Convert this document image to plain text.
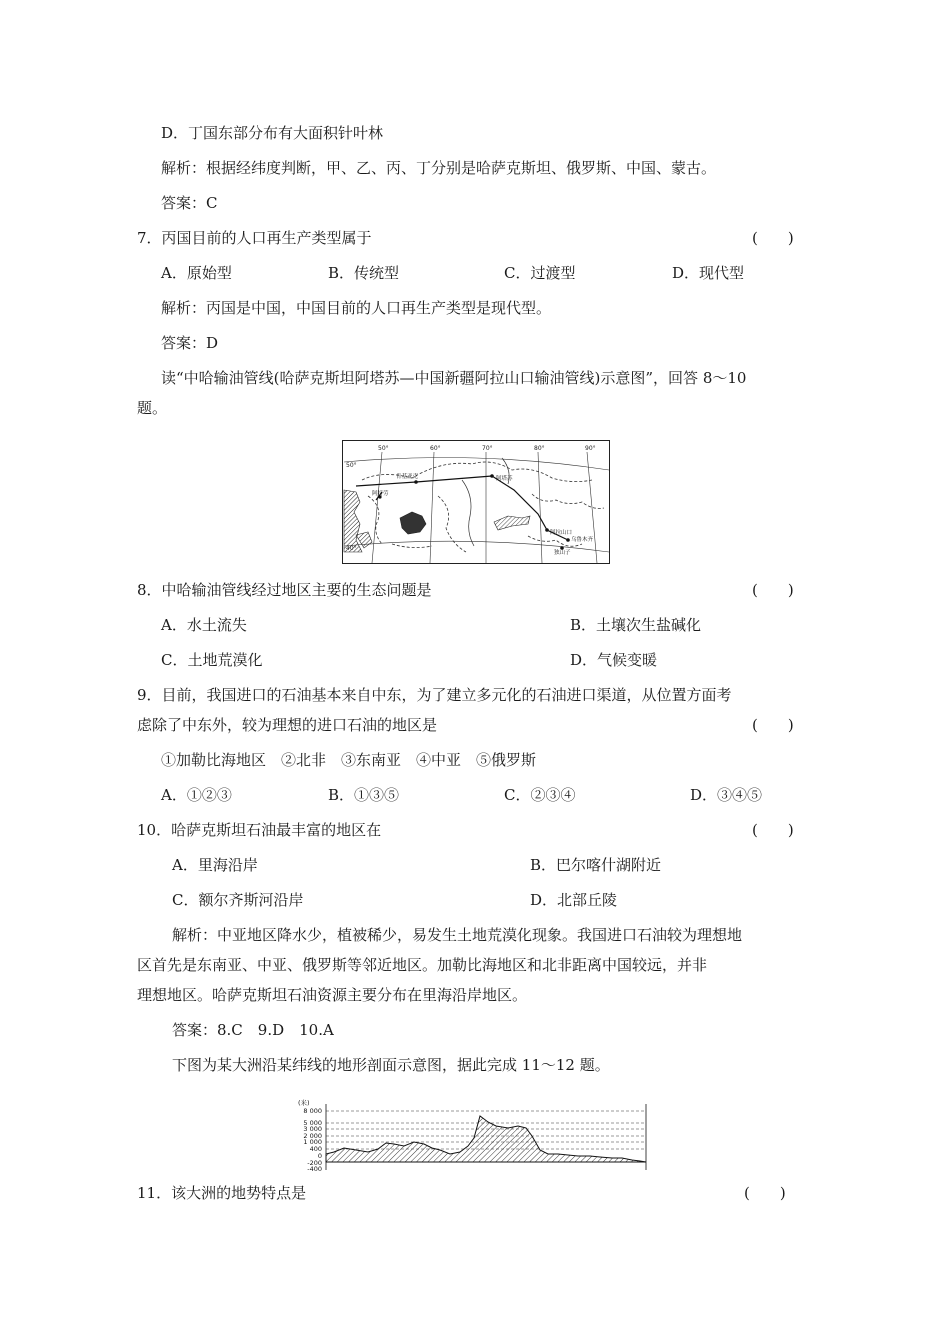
D．丁国东部分布有大面积针叶林
解析：根据经纬度判断，甲、乙、丙、丁分别是哈萨克斯坦、俄罗斯、中国、蒙古。
答案：C
7．丙国目前的人口再生产类型属于	(　　)
A．原始型	B．传统型	C．过渡型	D．现代型
解析：丙国是中国，中国目前的人口再生产类型是现代型。
答案：D
读“中哈输油管线(哈萨克斯坦阿塔苏—中国新疆阿拉山口输油管线)示意图”，回答 8～10
题。
50°	60°	70°	80°	90°
50°
阿塔苏
肯基亚克
阿特劳
阿拉山口
乌鲁木齐
独山子
8．中哈输油管线经过地区主要的生态问题是	(　　)
A．水土流失	B．土壤次生盐碱化
C．土地荒漠化	D．气候变暖
9．目前，我国进口的石油基本来自中东，为了建立多元化的石油进口渠道，从位置方面考
虑除了中东外，较为理想的进口石油的地区是	(　　)
①加勒比海地区　②北非　③东南亚　④中亚　⑤俄罗斯
A．①②③	B．①③⑤	C．②③④	D．③④⑤
10．哈萨克斯坦石油最丰富的地区在	(　　)
A．里海沿岸	B．巴尔喀什湖附近
C．额尔齐斯河沿岸	D．北部丘陵
解析：中亚地区降水少，植被稀少，易发生土地荒漠化现象。我国进口石油较为理想地
区首先是东南亚、中亚、俄罗斯等邻近地区。加勒比海地区和北非距离中国较远，并非
理想地区。哈萨克斯坦石油资源主要分布在里海沿岸地区。
答案：8.C　9.D　10.A
下图为某大洲沿某纬线的地形剖面示意图，据此完成 11～12 题。
(米)
8 000
5 000
3 000
2 000
1 000
400
0
-200
-400
11．该大洲的地势特点是	(　　)
